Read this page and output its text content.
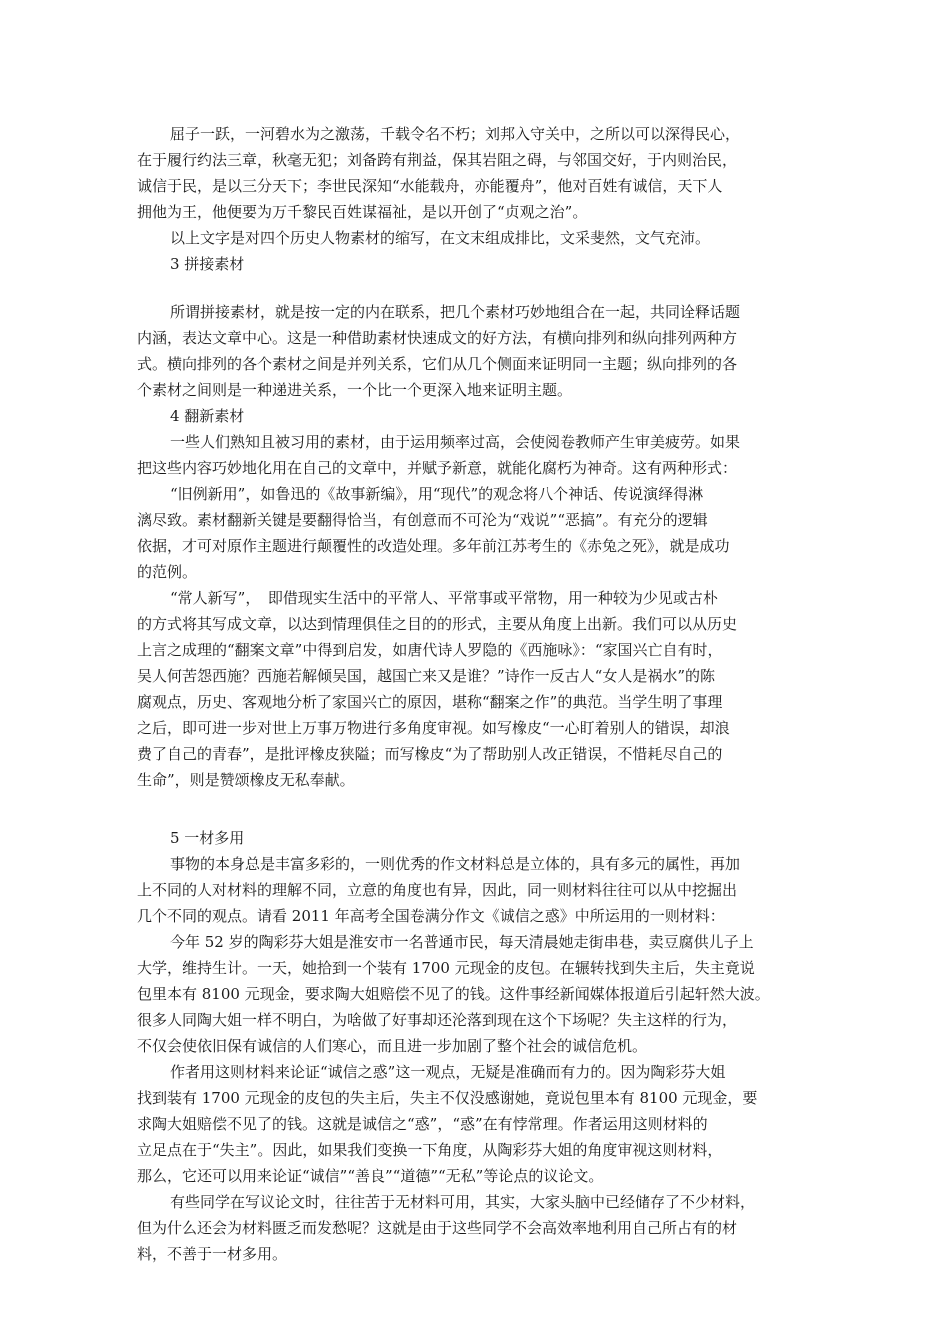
屈子一跃，一河碧水为之激荡，千载令名不朽；刘邦入守关中，之所以可以深得民心，
在于履行约法三章，秋毫无犯；刘备跨有荆益，保其岩阻之碍，与邻国交好，于内则治民，
诚信于民，是以三分天下；李世民深知“水能载舟，亦能覆舟”，他对百姓有诚信，天下人
拥他为王，他便要为万千黎民百姓谋福祉，是以开创了“贞观之治”。
以上文字是对四个历史人物素材的缩写，在文末组成排比，文采斐然，文气充沛。
3 拼接素材
所谓拼接素材，就是按一定的内在联系，把几个素材巧妙地组合在一起，共同诠释话题
内涵，表达文章中心。这是一种借助素材快速成文的好方法，有横向排列和纵向排列两种方
式。横向排列的各个素材之间是并列关系，它们从几个侧面来证明同一主题；纵向排列的各
个素材之间则是一种递进关系，一个比一个更深入地来证明主题。
4 翻新素材
一些人们熟知且被习用的素材，由于运用频率过高，会使阅卷教师产生审美疲劳。如果
把这些内容巧妙地化用在自己的文章中，并赋予新意，就能化腐朽为神奇。这有两种形式：
“旧例新用”，如鲁迅的《故事新编》，用“现代”的观念将八个神话、传说演绎得淋
漓尽致。素材翻新关键是要翻得恰当，有创意而不可沦为“戏说”“恶搞”。有充分的逻辑
依据，才可对原作主题进行颠覆性的改造处理。多年前江苏考生的《赤兔之死》，就是成功
的范例。
“常人新写”，　即借现实生活中的平常人、平常事或平常物，用一种较为少见或古朴
的方式将其写成文章，以达到情理俱佳之目的的形式，主要从角度上出新。我们可以从历史
上言之成理的“翻案文章”中得到启发，如唐代诗人罗隐的《西施咏》：“家国兴亡自有时，
吴人何苦怨西施？西施若解倾吴国，越国亡来又是谁？”诗作一反古人“女人是祸水”的陈
腐观点，历史、客观地分析了家国兴亡的原因，堪称“翻案之作”的典范。当学生明了事理
之后，即可进一步对世上万事万物进行多角度审视。如写橡皮“一心盯着别人的错误，却浪
费了自己的青春”，是批评橡皮狭隘；而写橡皮“为了帮助别人改正错误，不惜耗尽自己的
生命”，则是赞颂橡皮无私奉献。
5 一材多用
事物的本身总是丰富多彩的，一则优秀的作文材料总是立体的，具有多元的属性，再加
上不同的人对材料的理解不同，立意的角度也有异，因此，同一则材料往往可以从中挖掘出
几个不同的观点。请看 2011 年高考全国卷满分作文《诚信之惑》中所运用的一则材料：
今年 52 岁的陶彩芬大姐是淮安市一名普通市民，每天清晨她走街串巷，卖豆腐供儿子上
大学，维持生计。一天，她拾到一个装有 1700 元现金的皮包。在辗转找到失主后，失主竟说
包里本有 8100 元现金，要求陶大姐赔偿不见了的钱。这件事经新闻媒体报道后引起轩然大波。
很多人同陶大姐一样不明白，为啥做了好事却还沦落到现在这个下场呢？失主这样的行为，
不仅会使依旧保有诚信的人们寒心，而且进一步加剧了整个社会的诚信危机。
作者用这则材料来论证“诚信之惑”这一观点，无疑是准确而有力的。因为陶彩芬大姐
找到装有 1700 元现金的皮包的失主后，失主不仅没感谢她，竟说包里本有 8100 元现金，要
求陶大姐赔偿不见了的钱。这就是诚信之“惑”，“惑”在有悖常理。作者运用这则材料的
立足点在于“失主”。因此，如果我们变换一下角度，从陶彩芬大姐的角度审视这则材料，
那么，它还可以用来论证“诚信”“善良”“道德”“无私”等论点的议论文。
有些同学在写议论文时，往往苦于无材料可用，其实，大家头脑中已经储存了不少材料，
但为什么还会为材料匮乏而发愁呢？这就是由于这些同学不会高效率地利用自己所占有的材
料，不善于一材多用。
